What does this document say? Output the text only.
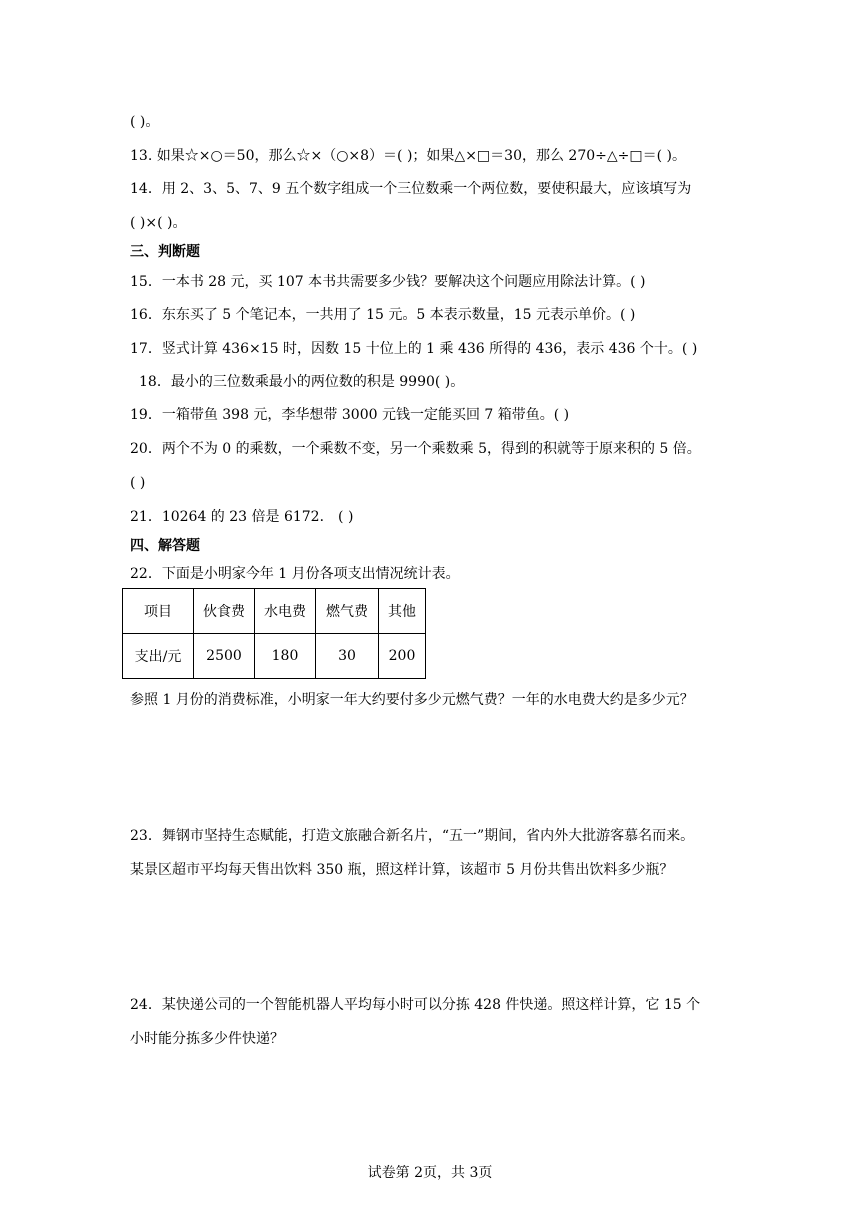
( )。
13. 如果☆×○＝50，那么☆×（○×8）＝( )；如果△×□＝30，那么 270÷△÷□＝( )。
14．用 2、3、5、7、9 五个数字组成一个三位数乘一个两位数，要使积最大，应该填写为
( )×( )。
三、判断题
15．一本书 28 元，买 107 本书共需要多少钱？要解决这个问题应用除法计算。( )
16．东东买了 5 个笔记本，一共用了 15 元。5 本表示数量，15 元表示单价。( )
17．竖式计算 436×15 时，因数 15 十位上的 1 乘 436 所得的 436，表示 436 个十。( )
18．最小的三位数乘最小的两位数的积是 9990( )。
19．一箱带鱼 398 元，李华想带 3000 元钱一定能买回 7 箱带鱼。( )
20．两个不为 0 的乘数，一个乘数不变，另一个乘数乘 5，得到的积就等于原来积的 5 倍。
( )
21．10264 的 23 倍是 6172． ( )
四、解答题
22．下面是小明家今年 1 月份各项支出情况统计表。
项目	伙食费	水电费	燃气费	其他
支出/元	2500	180	30	200
参照 1 月份的消费标准，小明家一年大约要付多少元燃气费？一年的水电费大约是多少元？
23．舞钢市坚持生态赋能，打造文旅融合新名片，“五一”期间，省内外大批游客慕名而来。
某景区超市平均每天售出饮料 350 瓶，照这样计算，该超市 5 月份共售出饮料多少瓶？
24．某快递公司的一个智能机器人平均每小时可以分拣 428 件快递。照这样计算，它 15 个
小时能分拣多少件快递？
试卷第 2页，共 3页
